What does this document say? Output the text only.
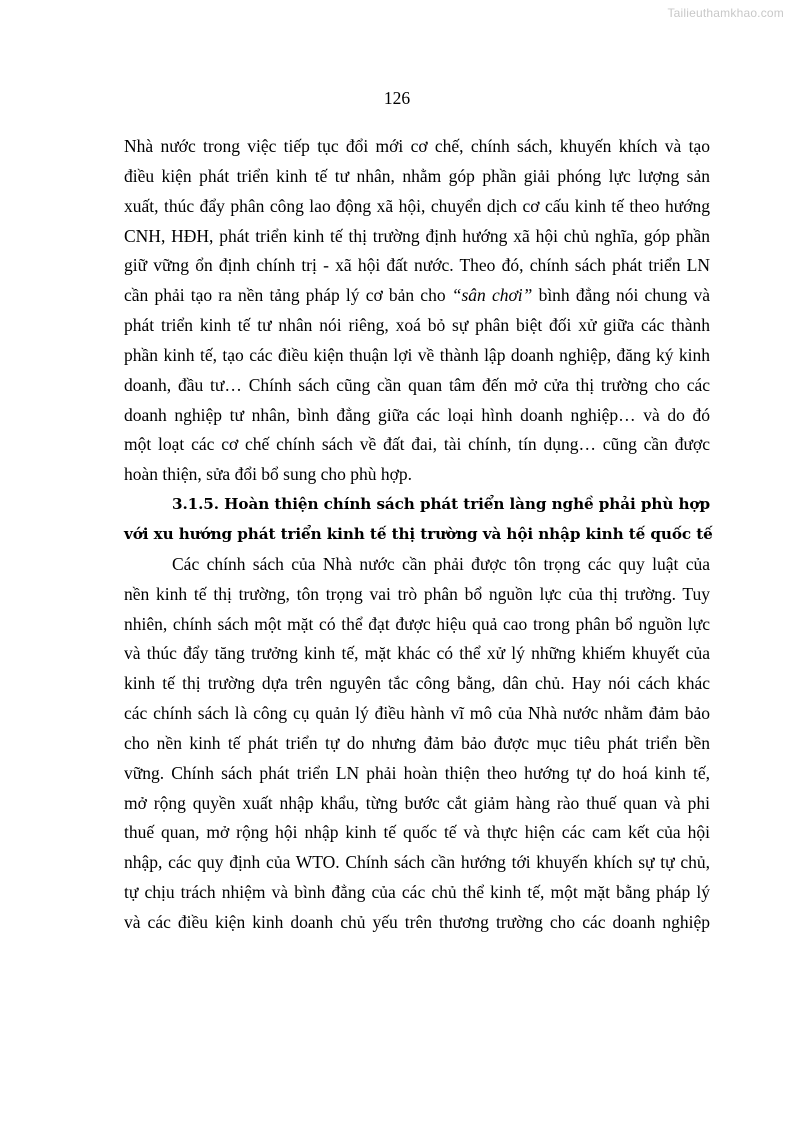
Tailieuthamkhao.com
126
Nhà nước trong việc tiếp tục đổi mới cơ chế, chính sách, khuyến khích và tạo
điều kiện phát triển kinh tế tư nhân, nhằm góp phần giải phóng lực lượng sản
xuất, thúc đẩy phân công lao động xã hội, chuyển dịch cơ cấu kinh tế theo hướng
CNH, HĐH, phát triển kinh tế thị trường định hướng xã hội chủ nghĩa, góp phần
giữ vững ổn định chính trị - xã hội đất nước. Theo đó, chính sách phát triển LN
cần phải tạo ra nền tảng pháp lý cơ bản cho “sân chơi” bình đẳng nói chung và
phát triển kinh tế tư nhân nói riêng, xoá bỏ sự phân biệt đối xử giữa các thành
phần kinh tế, tạo các điều kiện thuận lợi về thành lập doanh nghiệp, đăng ký kinh
doanh, đầu tư… Chính sách cũng cần quan tâm đến mở cửa thị trường cho các
doanh nghiệp tư nhân, bình đẳng giữa các loại hình doanh nghiệp… và do đó
một loạt các cơ chế chính sách về đất đai, tài chính, tín dụng… cũng cần được
hoàn thiện, sửa đổi bổ sung cho phù hợp.
3.1.5. Hoàn thiện chính sách phát triển làng nghề phải phù hợp
với xu hướng phát triển kinh tế thị trường và hội nhập kinh tế quốc tế
Các chính sách của Nhà nước cần phải được tôn trọng các quy luật của
nền kinh tế thị trường, tôn trọng vai trò phân bổ nguồn lực của thị trường. Tuy
nhiên, chính sách một mặt có thể đạt được hiệu quả cao trong phân bổ nguồn lực
và thúc đẩy tăng trưởng kinh tế, mặt khác có thể xử lý những khiếm khuyết của
kinh tế thị trường dựa trên nguyên tắc công bằng, dân chủ. Hay nói cách khác
các chính sách là công cụ quản lý điều hành vĩ mô của Nhà nước nhằm đảm bảo
cho nền kinh tế phát triển tự do nhưng đảm bảo được mục tiêu phát triển bền
vững. Chính sách phát triển LN phải hoàn thiện theo hướng tự do hoá kinh tế,
mở rộng quyền xuất nhập khẩu, từng bước cắt giảm hàng rào thuế quan và phi
thuế quan, mở rộng hội nhập kinh tế quốc tế và thực hiện các cam kết của hội
nhập, các quy định của WTO. Chính sách cần hướng tới khuyến khích sự tự chủ,
tự chịu trách nhiệm và bình đẳng của các chủ thể kinh tế, một mặt bằng pháp lý
và các điều kiện kinh doanh chủ yếu trên thương trường cho các doanh nghiệp
